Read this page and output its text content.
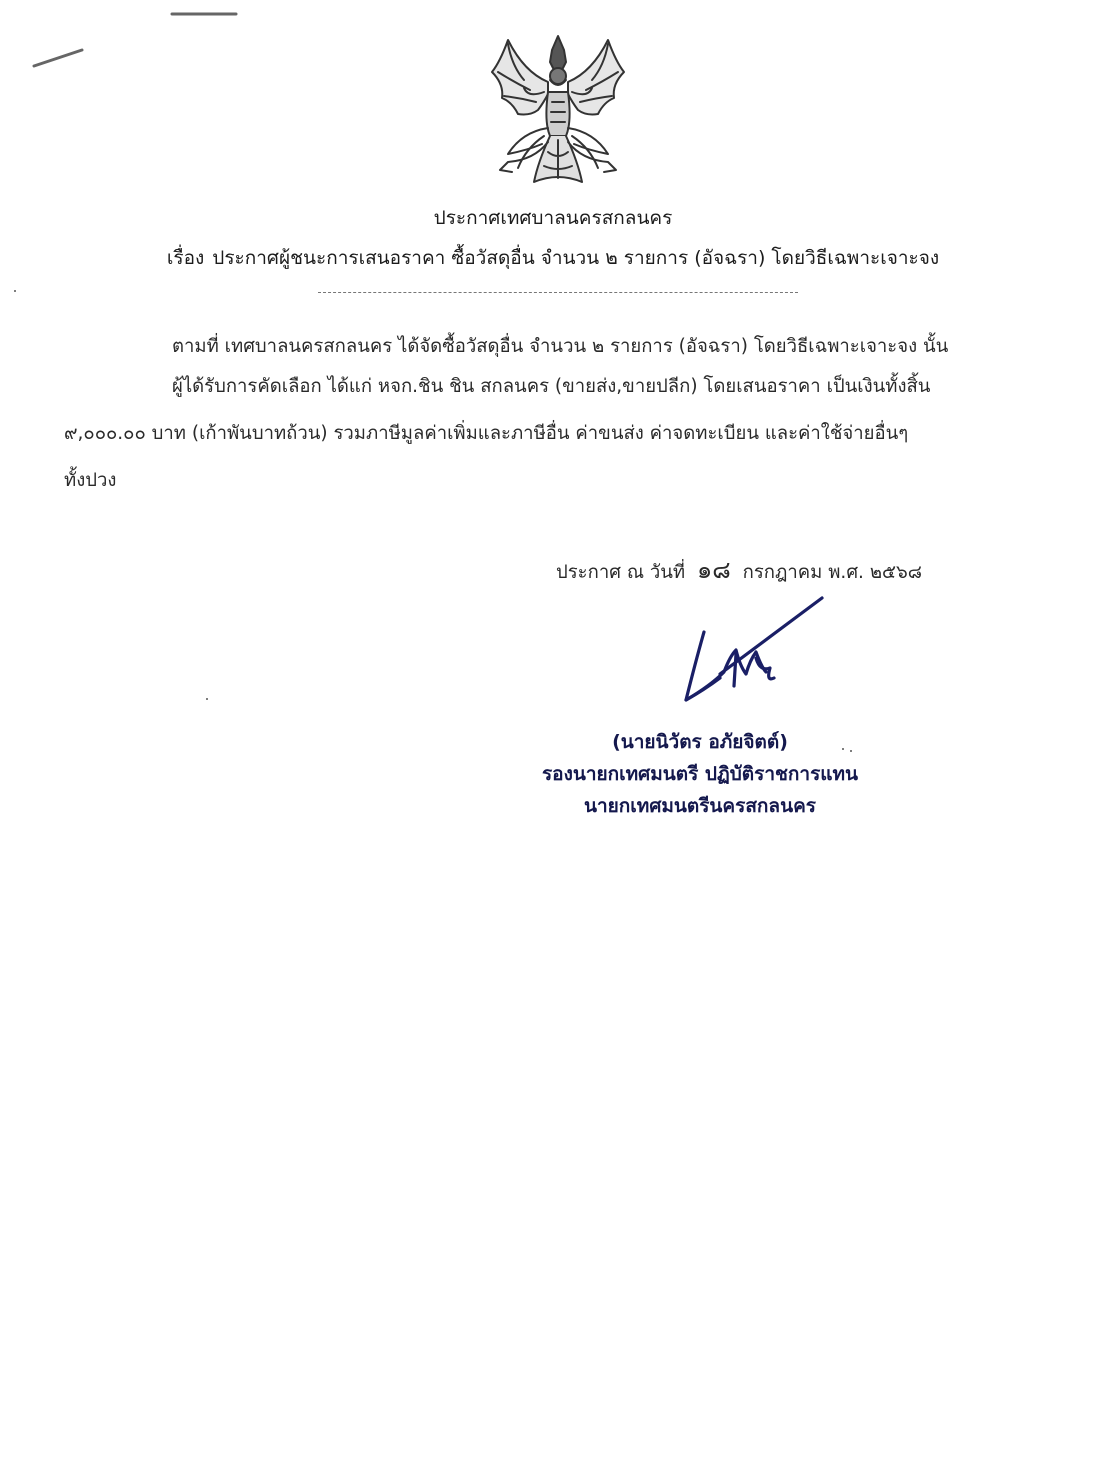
ประกาศเทศบาลนครสกลนคร
เรื่อง ประกาศผู้ชนะการเสนอราคา ซื้อวัสดุอื่น จำนวน ๒ รายการ (อัจฉรา) โดยวิธีเฉพาะเจาะจง
ตามที่ เทศบาลนครสกลนคร ได้จัดซื้อวัสดุอื่น จำนวน ๒ รายการ (อัจฉรา) โดยวิธีเฉพาะเจาะจง นั้น
ผู้ได้รับการคัดเลือก ได้แก่ หจก.ชิน ชิน สกลนคร (ขายส่ง,ขายปลีก) โดยเสนอราคา เป็นเงินทั้งสิ้น
๙,๐๐๐.๐๐ บาท (เก้าพันบาทถ้วน) รวมภาษีมูลค่าเพิ่มและภาษีอื่น ค่าขนส่ง ค่าจดทะเบียน และค่าใช้จ่ายอื่นๆ
ทั้งปวง
ประกาศ ณ วันที่ ๑๘ กรกฎาคม พ.ศ. ๒๕๖๘
(นายนิวัตร อภัยจิตต์)
รองนายกเทศมนตรี ปฏิบัติราชการแทน
นายกเทศมนตรีนครสกลนคร
